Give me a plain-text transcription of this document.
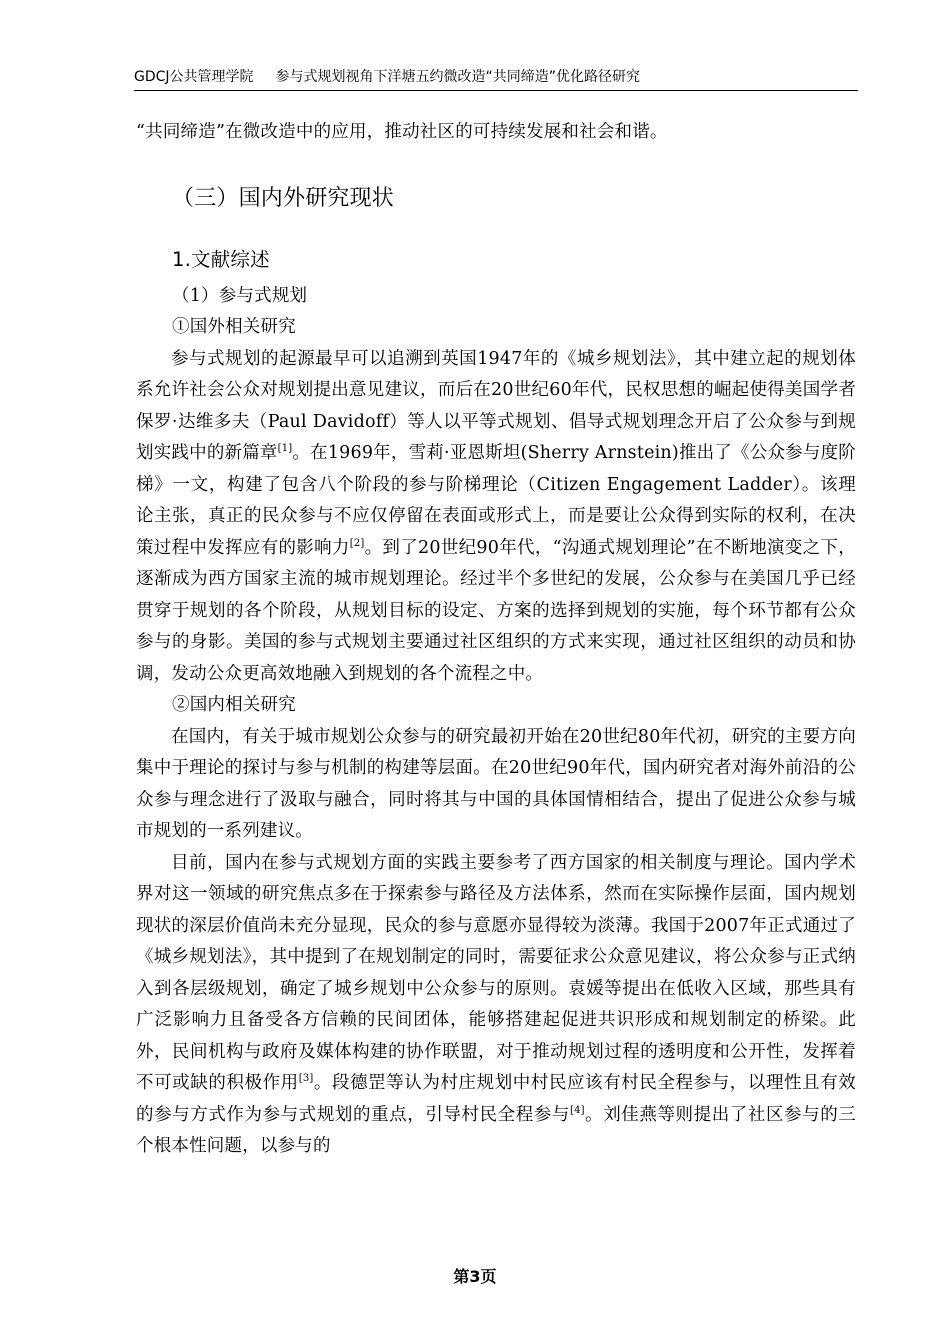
GDCJ公共管理学院 参与式规划视角下洋塘五约微改造“共同缔造”优化路径研究

“共同缔造”在微改造中的应用，推动社区的可持续发展和社会和谐。

（三）国内外研究现状

1.文献综述

（1）参与式规划

①国外相关研究

参与式规划的起源最早可以追溯到英国1947年的《城乡规划法》，其中建立起的规划体系允许社会公众对规划提出意见建议，而后在20世纪60年代，民权思想的崛起使得美国学者保罗·达维多夫（Paul Davidoff）等人以平等式规划、倡导式规划理念开启了公众参与到规划实践中的新篇章[1]。在1969年，雪莉·亚恩斯坦(Sherry Arnstein)推出了《公众参与度阶梯》一文，构建了包含八个阶段的参与阶梯理论（Citizen Engagement Ladder）。该理论主张，真正的民众参与不应仅停留在表面或形式上，而是要让公众得到实际的权利，在决策过程中发挥应有的影响力[2]。到了20世纪90年代，“沟通式规划理论”在不断地演变之下，逐渐成为西方国家主流的城市规划理论。经过半个多世纪的发展，公众参与在美国几乎已经贯穿于规划的各个阶段，从规划目标的设定、方案的选择到规划的实施，每个环节都有公众参与的身影。美国的参与式规划主要通过社区组织的方式来实现，通过社区组织的动员和协调，发动公众更高效地融入到规划的各个流程之中。

②国内相关研究

在国内，有关于城市规划公众参与的研究最初开始在20世纪80年代初，研究的主要方向集中于理论的探讨与参与机制的构建等层面。在20世纪90年代，国内研究者对海外前沿的公众参与理念进行了汲取与融合，同时将其与中国的具体国情相结合，提出了促进公众参与城市规划的一系列建议。

目前，国内在参与式规划方面的实践主要参考了西方国家的相关制度与理论。国内学术界对这一领域的研究焦点多在于探索参与路径及方法体系，然而在实际操作层面，国内规划现状的深层价值尚未充分显现，民众的参与意愿亦显得较为淡薄。我国于2007年正式通过了《城乡规划法》，其中提到了在规划制定的同时，需要征求公众意见建议，将公众参与正式纳入到各层级规划，确定了城乡规划中公众参与的原则。袁媛等提出在低收入区域，那些具有广泛影响力且备受各方信赖的民间团体，能够搭建起促进共识形成和规划制定的桥梁。此外，民间机构与政府及媒体构建的协作联盟，对于推动规划过程的透明度和公开性，发挥着不可或缺的积极作用[3]。段德罡等认为村庄规划中村民应该有村民全程参与，以理性且有效的参与方式作为参与式规划的重点，引导村民全程参与[4]。刘佳燕等则提出了社区参与的三个根本性问题，以参与的

第3页
